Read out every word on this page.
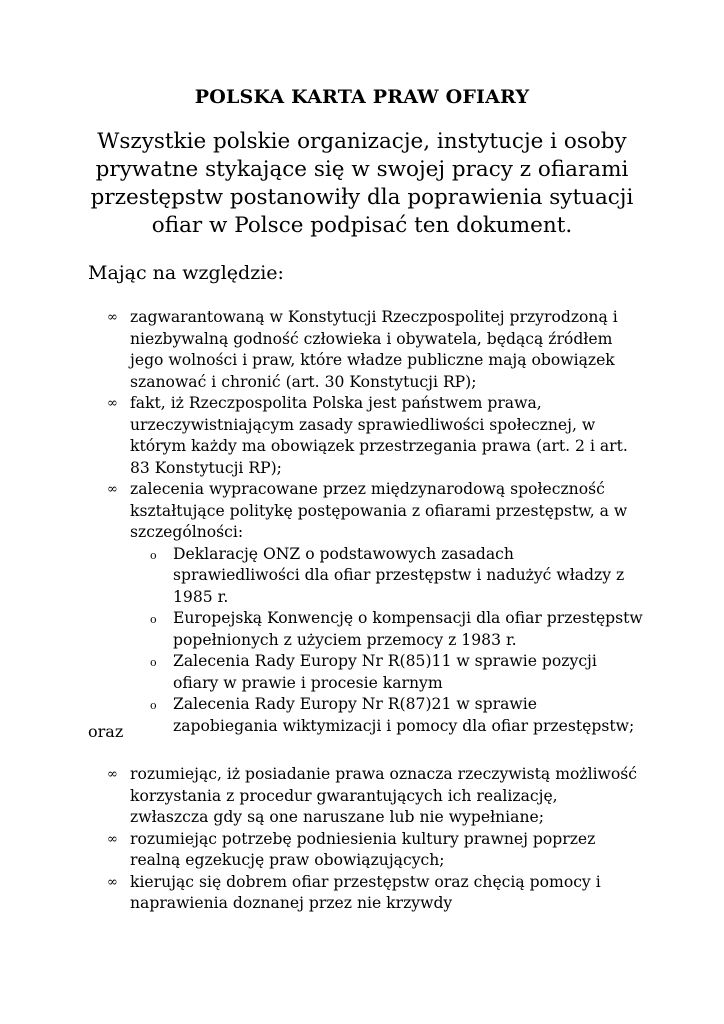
POLSKA KARTA PRAW OFIARY
Wszystkie polskie organizacje, instytucje i osoby prywatne stykające się w swojej pracy z ofiarami przestępstw postanowiły dla poprawienia sytuacji ofiar w Polsce podpisać ten dokument.
Mając na względzie:
∞ zagwarantowaną w Konstytucji Rzeczpospolitej przyrodzoną i niezbywalną godność człowieka i obywatela, będącą źródłem jego wolności i praw, które władze publiczne mają obowiązek szanować i chronić (art. 30 Konstytucji RP);
∞ fakt, iż Rzeczpospolita Polska jest państwem prawa, urzeczywistniającym zasady sprawiedliwości społecznej, w którym każdy ma obowiązek przestrzegania prawa (art. 2 i art. 83 Konstytucji RP);
∞ zalecenia wypracowane przez międzynarodową społeczność kształtujące politykę postępowania z ofiarami przestępstw, a w szczególności:
o	Deklarację ONZ o podstawowych zasadach sprawiedliwości dla ofiar przestępstw i nadużyć władzy z 1985 r.
o	Europejską Konwencję o kompensacji dla ofiar przestępstw popełnionych z użyciem przemocy z 1983 r.
o	Zalecenia Rady Europy Nr R(85)11 w sprawie pozycji ofiary w prawie i procesie karnym
o	Zalecenia Rady Europy Nr R(87)21 w sprawie zapobiegania wiktymizacji i pomocy dla ofiar przestępstw;
oraz
∞ rozumiejąc, iż posiadanie prawa oznacza rzeczywistą możliwość korzystania z procedur gwarantujących ich realizację, zwłaszcza gdy są one naruszane lub nie wypełniane;
∞ rozumiejąc potrzebę podniesienia kultury prawnej poprzez realną egzekucję praw obowiązujących;
∞ kierując się dobrem ofiar przestępstw oraz chęcią pomocy i naprawienia doznanej przez nie krzywdy
